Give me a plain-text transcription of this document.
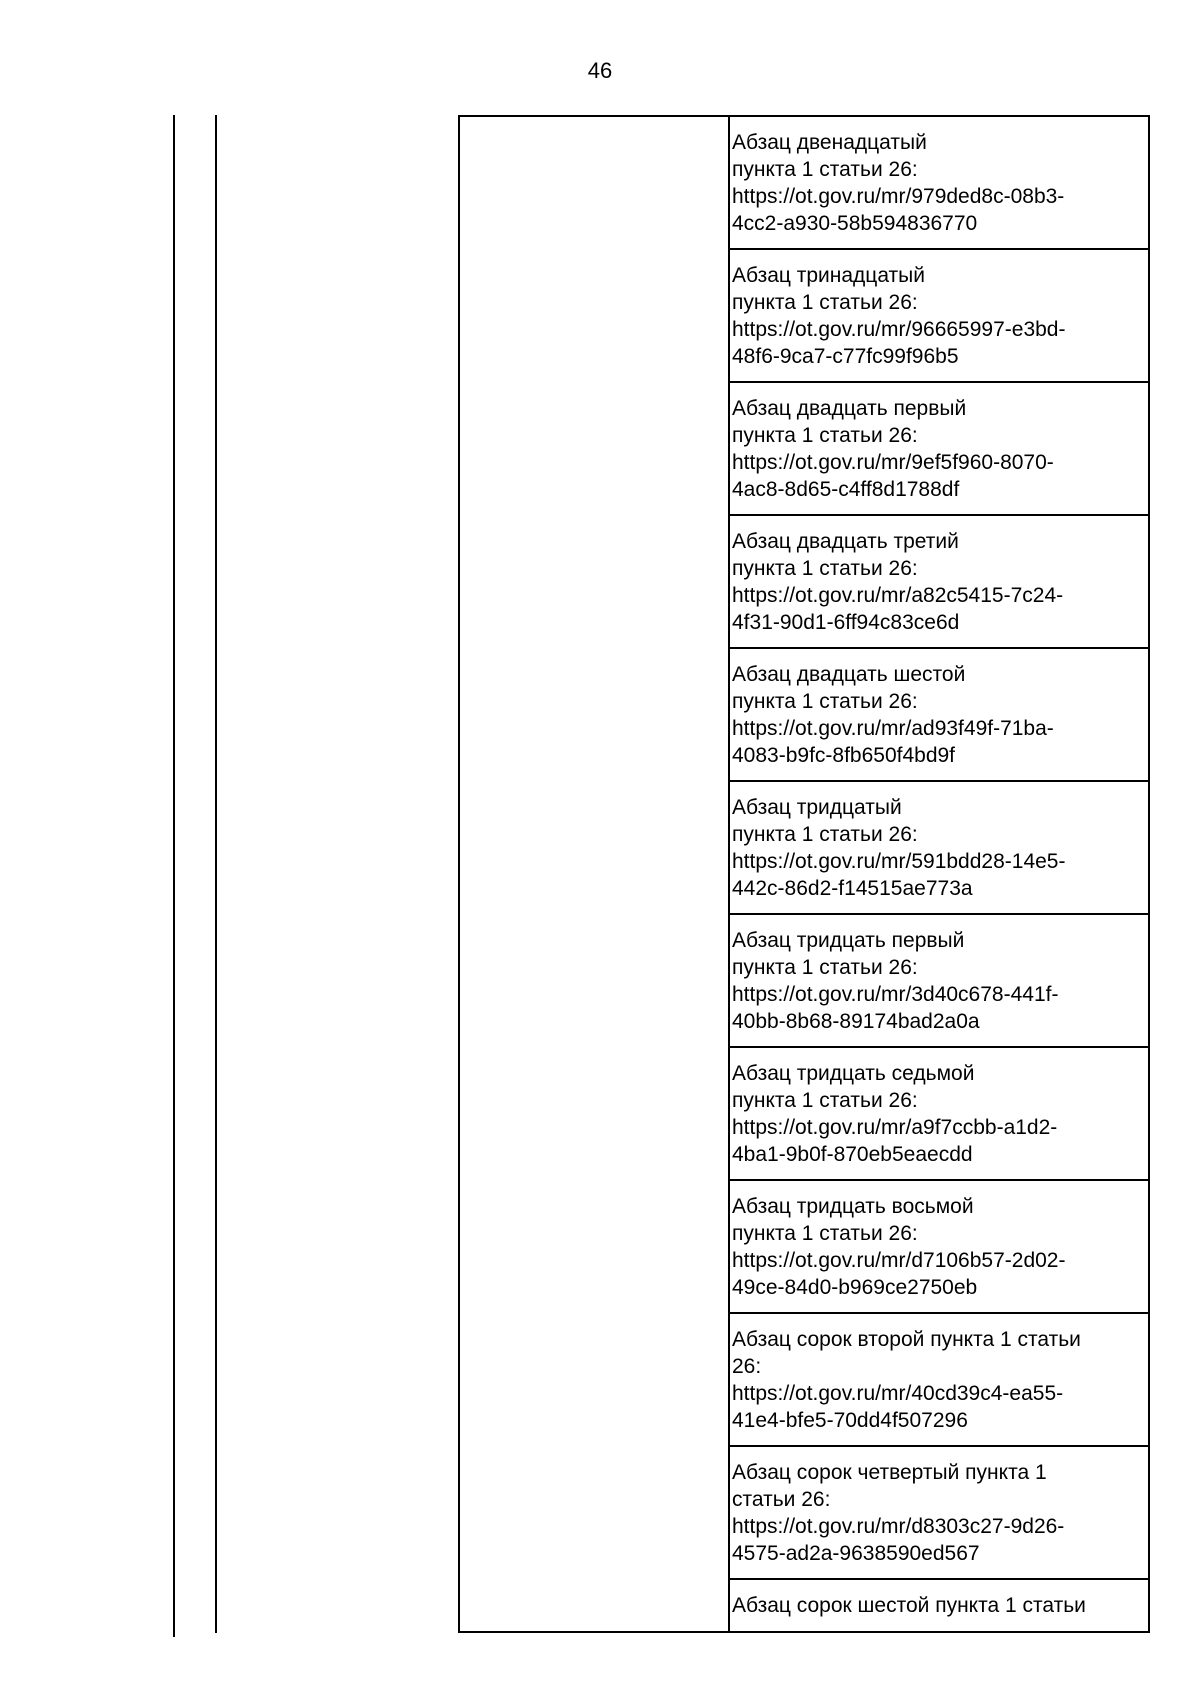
46
Абзац двенадцатый
пункта 1 статьи 26:
https://ot.gov.ru/mr/979ded8c-08b3-
4cc2-a930-58b594836770
Абзац тринадцатый
пункта 1 статьи 26:
https://ot.gov.ru/mr/96665997-e3bd-
48f6-9ca7-c77fc99f96b5
Абзац двадцать первый
пункта 1 статьи 26:
https://ot.gov.ru/mr/9ef5f960-8070-
4ac8-8d65-c4ff8d1788df
Абзац двадцать третий
пункта 1 статьи 26:
https://ot.gov.ru/mr/a82c5415-7c24-
4f31-90d1-6ff94c83ce6d
Абзац двадцать шестой
пункта 1 статьи 26:
https://ot.gov.ru/mr/ad93f49f-71ba-
4083-b9fc-8fb650f4bd9f
Абзац тридцатый
пункта 1 статьи 26:
https://ot.gov.ru/mr/591bdd28-14e5-
442c-86d2-f14515ae773a
Абзац тридцать первый
пункта 1 статьи 26:
https://ot.gov.ru/mr/3d40c678-441f-
40bb-8b68-89174bad2a0a
Абзац тридцать седьмой
пункта 1 статьи 26:
https://ot.gov.ru/mr/a9f7ccbb-a1d2-
4ba1-9b0f-870eb5eaecdd
Абзац тридцать восьмой
пункта 1 статьи 26:
https://ot.gov.ru/mr/d7106b57-2d02-
49ce-84d0-b969ce2750eb
Абзац сорок второй пункта 1 статьи
26:
https://ot.gov.ru/mr/40cd39c4-ea55-
41e4-bfe5-70dd4f507296
Абзац сорок четвертый пункта 1
статьи 26:
https://ot.gov.ru/mr/d8303c27-9d26-
4575-ad2a-9638590ed567
Абзац сорок шестой пункта 1 статьи
